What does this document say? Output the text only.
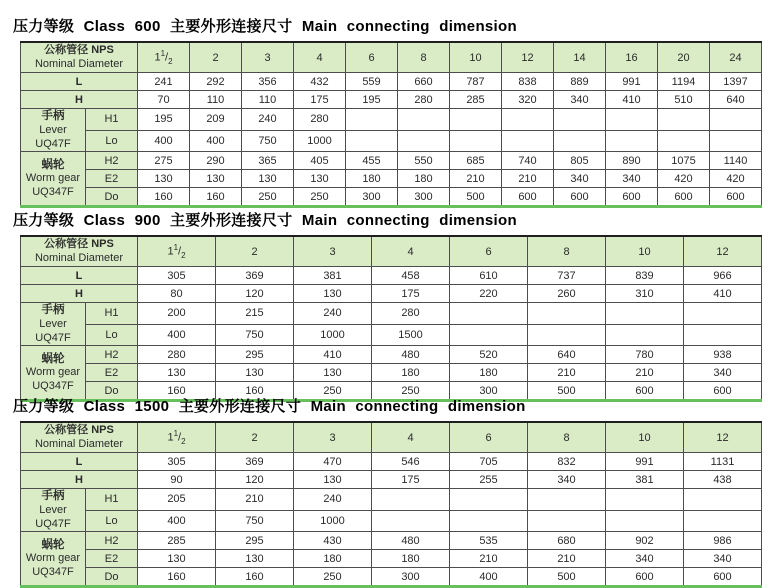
压力等级 Class 600 主要外形连接尺寸 Main connecting dimension
公称管径 NPS
Nominal Diameter		$1^1/_2$	2	3	4	6	8	10	12	14	16	20	24
L		241	292	356	432	559	660	787	838	889	991	1194	1397
H		70	110	110	175	195	280	285	320	340	410	510	640
手柄
Lever UQ47F	H1	195	209	240	280								
	Lo	400	400	750	1000								
蜗轮
Worm gear
UQ347F	H2	275	290	365	405	455	550	685	740	805	890	1075	1140
	E2	130	130	130	130	180	180	210	210	340	340	420	420
	Do	160	160	250	250	300	300	500	600	600	600	600	600
压力等级 Class 900 主要外形连接尺寸 Main connecting dimension
公称管径 NPS
Nominal Diameter		$1^1/_2$	2	3	4	6	8	10	12
L		305	369	381	458	610	737	839	966
H		80	120	130	175	220	260	310	410
手柄
Lever UQ47F	H1	200	215	240	280				
	Lo	400	750	1000	1500				
蜗轮
Worm gear
UQ347F	H2	280	295	410	480	520	640	780	938
	E2	130	130	130	180	180	210	210	340
	Do	160	160	250	250	300	500	600	600
压力等级 Class 1500 主要外形连接尺寸 Main connecting dimension
公称管径 NPS
Nominal Diameter		$1^1/_2$	2	3	4	6	8	10	12
L		305	369	470	546	705	832	991	1131
H		90	120	130	175	255	340	381	438
手柄
Lever UQ47F	H1	205	210	240					
	Lo	400	750	1000					
蜗轮
Worm gear
UQ347F	H2	285	295	430	480	535	680	902	986
	E2	130	130	180	180	210	210	340	340
	Do	160	160	250	300	400	500	600	600
